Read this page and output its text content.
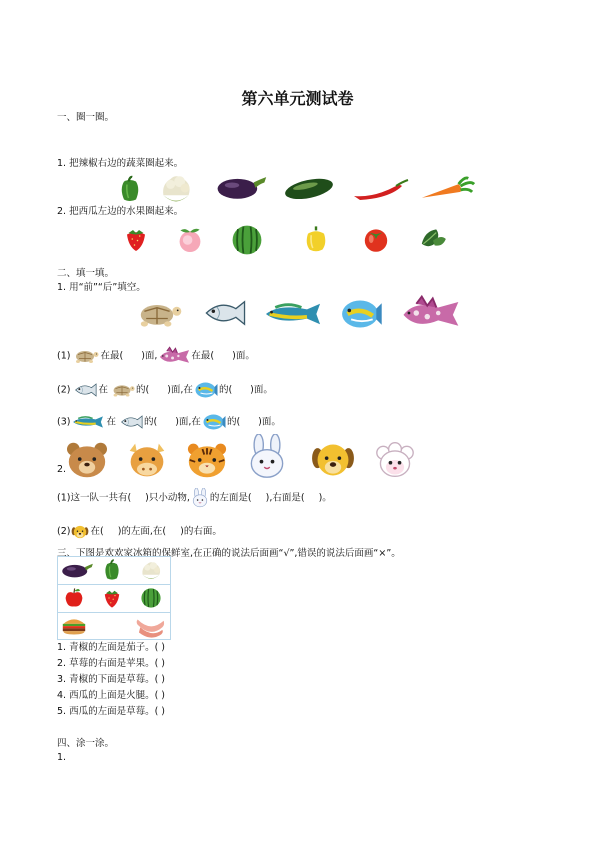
第六单元测试卷
一、圈一圈。
1. 把辣椒右边的蔬菜圈起来。
2. 把西瓜左边的水果圈起来。
二、填一填。
1. 用“前”“后”填空。
(1)	在最( )面,	在最( )面。
(2)	在	的( )面,在	的( )面。
(3)	在	的( )面,在	的( )面。
2.
(1)这一队一共有( )只小动物, 的左面是( ),右面是( )。
(2) 在( )的左面,在( )的右面。
三、下图是欢欢家冰箱的保鲜室,在正确的说法后面画“√”,错误的说法后面画“×”。
1. 青椒的左面是茄子。( )
2. 草莓的右面是苹果。( )
3. 青椒的下面是草莓。( )
4. 西瓜的上面是火腿。( )
5. 西瓜的左面是草莓。( )
四、涂一涂。
1.
